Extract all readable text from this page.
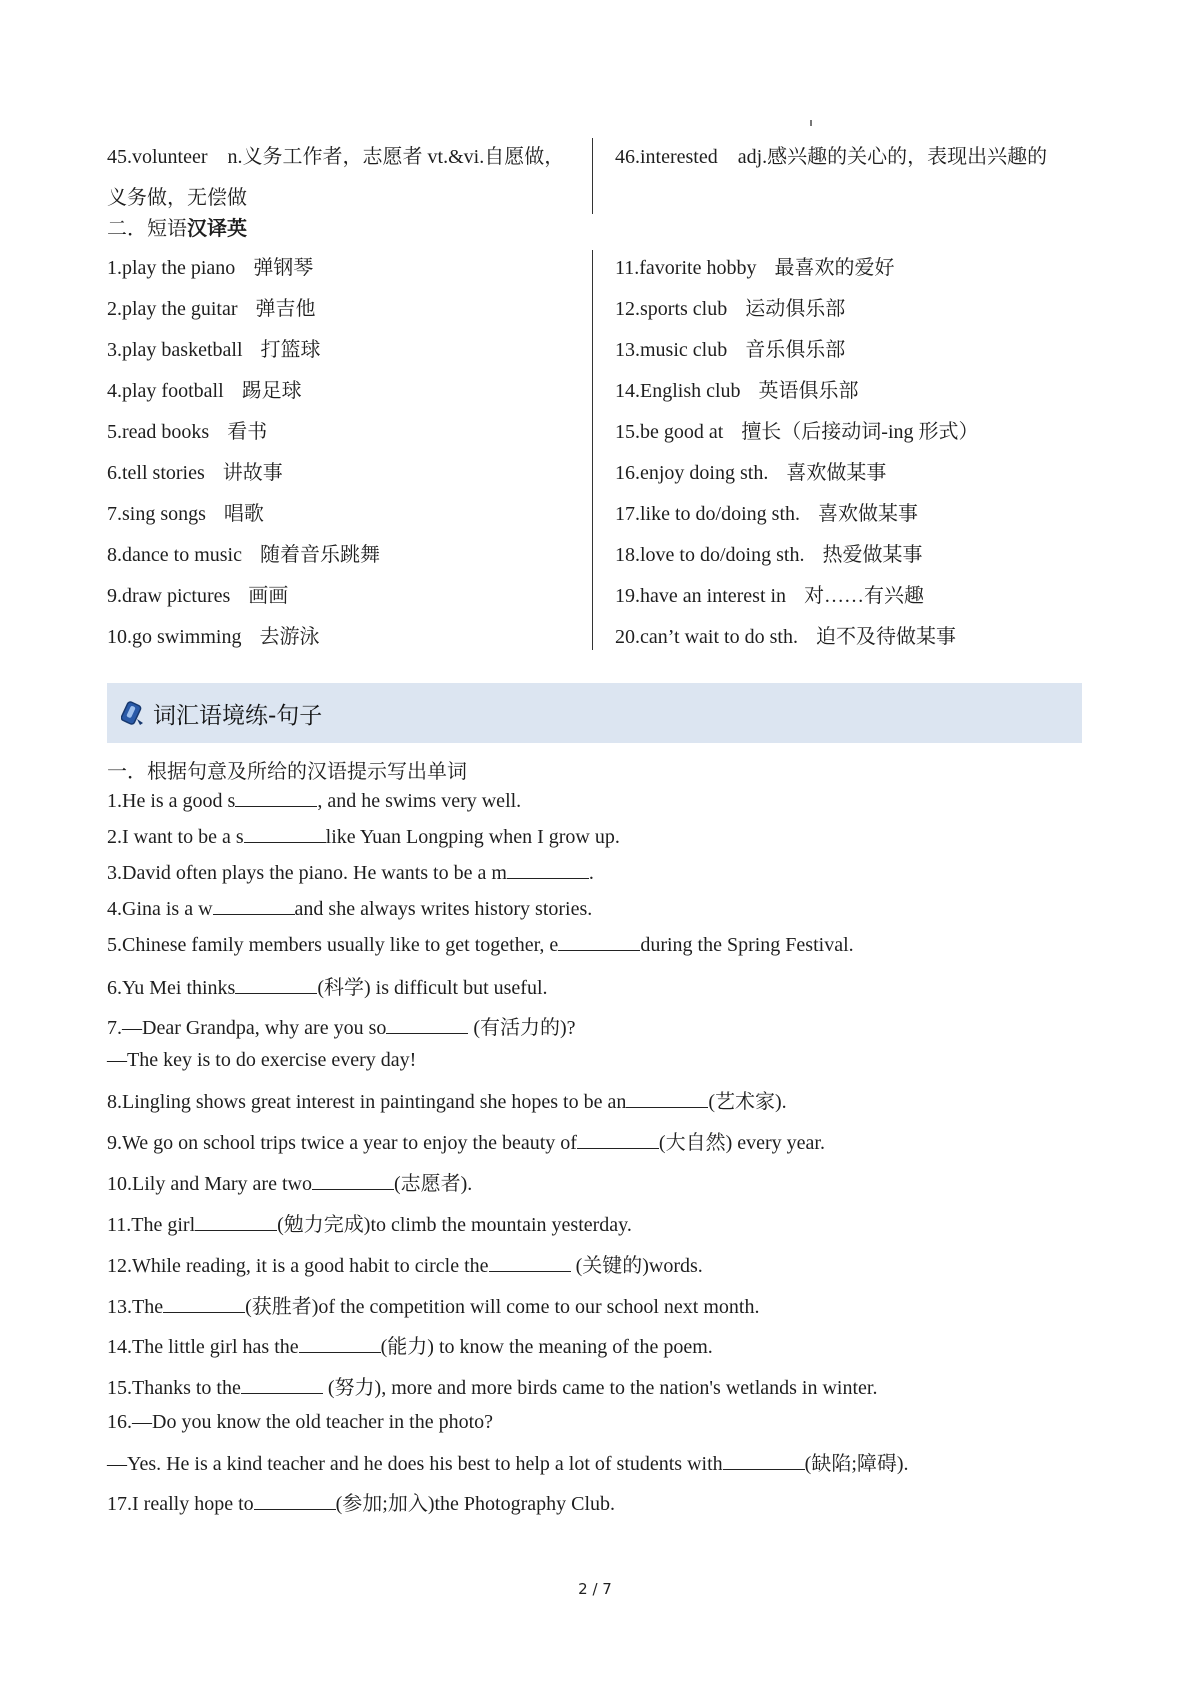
45.volunteer　n.义务工作者，志愿者 vt.&vi.自愿做，义务做，无偿做
46.interested　adj.感兴趣的关心的，表现出兴趣的
二．短语汉译英
1.play the piano 弹钢琴
2.play the guitar 弹吉他
3.play basketball 打篮球
4.play football 踢足球
5.read books 看书
6.tell stories 讲故事
7.sing songs 唱歌
8.dance to music 随着音乐跳舞
9.draw pictures 画画
10.go swimming 去游泳
11.favorite hobby 最喜欢的爱好
12.sports club 运动俱乐部
13.music club 音乐俱乐部
14.English club 英语俱乐部
15.be good at 擅长（后接动词-ing 形式）
16.enjoy doing sth. 喜欢做某事
17.like to do/doing sth. 喜欢做某事
18.love to do/doing sth. 热爱做某事
19.have an interest in 对……有兴趣
20.can’t wait to do sth. 迫不及待做某事
词汇语境练-句子
一．根据句意及所给的汉语提示写出单词
1.He is a good s	, and he swims very well.
2.I want to be a s	like Yuan Longping when I grow up.
3.David often plays the piano. He wants to be a m	.
4.Gina is a w	and she always writes history stories.
5.Chinese family members usually like to get together, e	during the Spring Festival.
6.Yu Mei thinks	(科学) is difficult but useful.
7.—Dear Grandpa, why are you so	(有活力的)?
—The key is to do exercise every day!
8.Lingling shows great interest in paintingand she hopes to be an	(艺术家).
9.We go on school trips twice a year to enjoy the beauty of	(大自然) every year.
10.Lily and Mary are two	(志愿者).
11.The girl	(勉力完成)to climb the mountain yesterday.
12.While reading, it is a good habit to circle the	(关键的)words.
13.The	(获胜者)of the competition will come to our school next month.
14.The little girl has the	(能力) to know the meaning of the poem.
15.Thanks to the	(努力), more and more birds came to the nation's wetlands in winter.
16.—Do you know the old teacher in the photo?
—Yes. He is a kind teacher and he does his best to help a lot of students with	(缺陷;障碍).
17.I really hope to	(参加;加入)the Photography Club.
2 / 7
